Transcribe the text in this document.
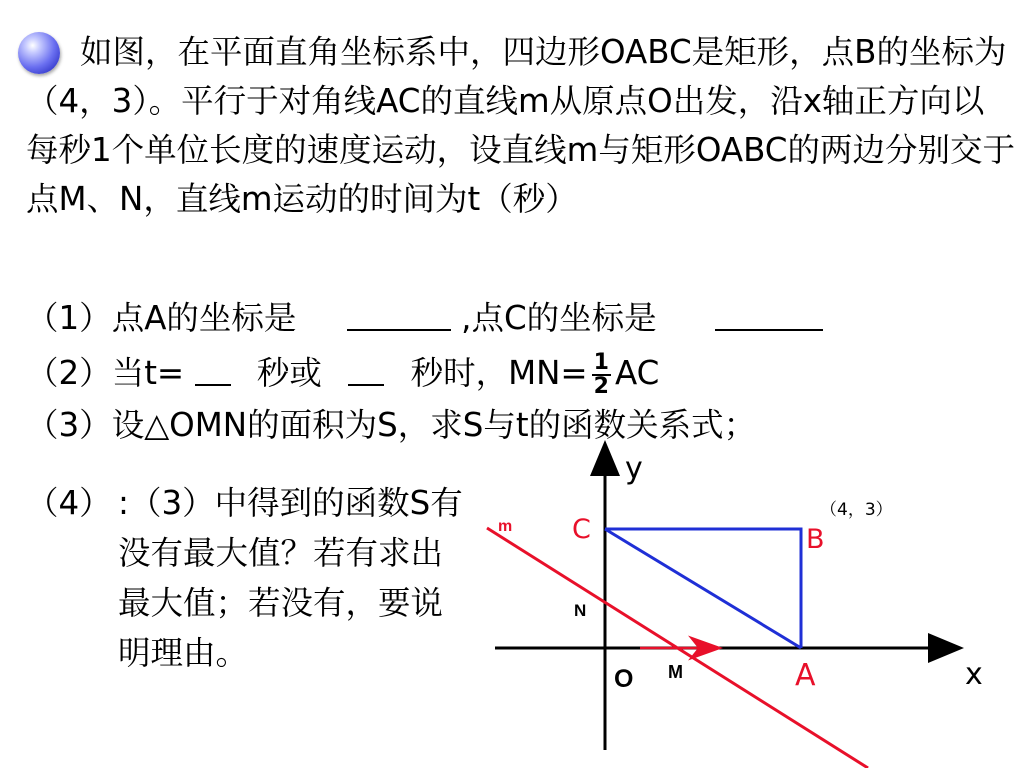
如图，在平面直角坐标系中，四边形OABC是矩形，点B的坐标为（4，3）。平行于对角线AC的直线m从原点O出发，沿x轴正方向以每秒1个单位长度的速度运动，设直线m与矩形OABC的两边分别交于点M、N，直线m运动的时间为t（秒）
（1）点A的坐标是	,点C的坐标是
（2）当t= 秒或	秒时，$MN= \frac{1}{2}$ AC
（3）设△OMN的面积为S，求S与t的函数关系式；
（4） :（3）中得到的函数S有没有最大值？若有求出最大值；若没有，要说明理由。
y
x
O
C	B
A
N
M
m
（4，3）
